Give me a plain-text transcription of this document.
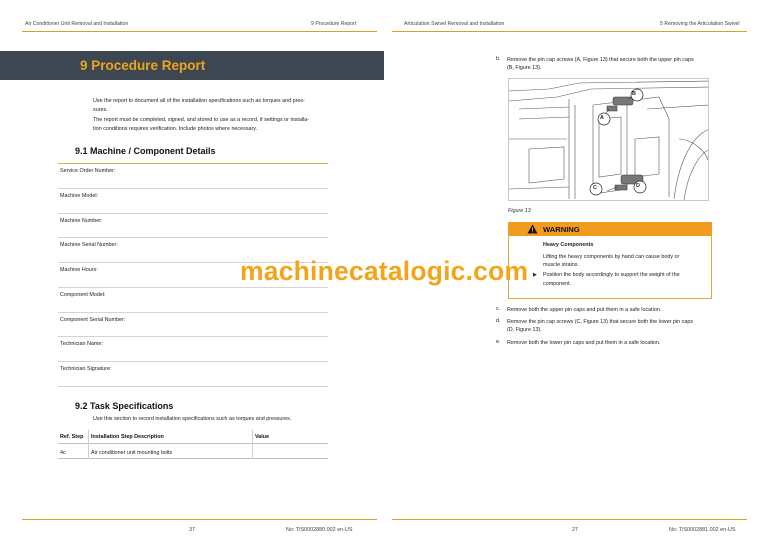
Air Conditioner Unit Removal and Installation	9 Procedure Report
9 Procedure Report
Use the report to document all of the installation specifications such as torques and pres-
sures.
The report must be completed, signed, and stored to use as a record, if settings or installa-
tion conditions requires verification. Include photos where necessary.
9.1 Machine / Component Details
Service Order Number:
Machine Model:
Machine Number:
Machine Serial Number:
Machine Hours:
Component Model:
Component Serial Number:
Technician Name:
Technician Signature:
9.2 Task Specifications
Use this section to record installation specifications such as torques and pressures.
Ref. Step Installation Step Description	Value
4c	Air conditioner unit mounting bolts
37	No: TIS0002880.002 en-US
Articulation Swivel Removal and Installation	5 Removing the Articulation Swivel
b. Remove the pin cap screws (A, Figure 13) that secure both the upper pin caps
(B, Figure 13).
B
A
C	D
Figure 13
WARNING
Heavy Components
Lifting the heavy components by hand can cause body or
muscle strains.
▶ Position the body accordingly to support the weight of the
component.
c. Remove both the upper pin caps and put them in a safe location.
d. Remove the pin cap screws (C, Figure 13) that secure both the lower pin caps
(D, Figure 13).
e. Remove both the lower pin caps and put them in a safe location.
27	No: TIS0002881.002 en-US
machinecatalogic.com
